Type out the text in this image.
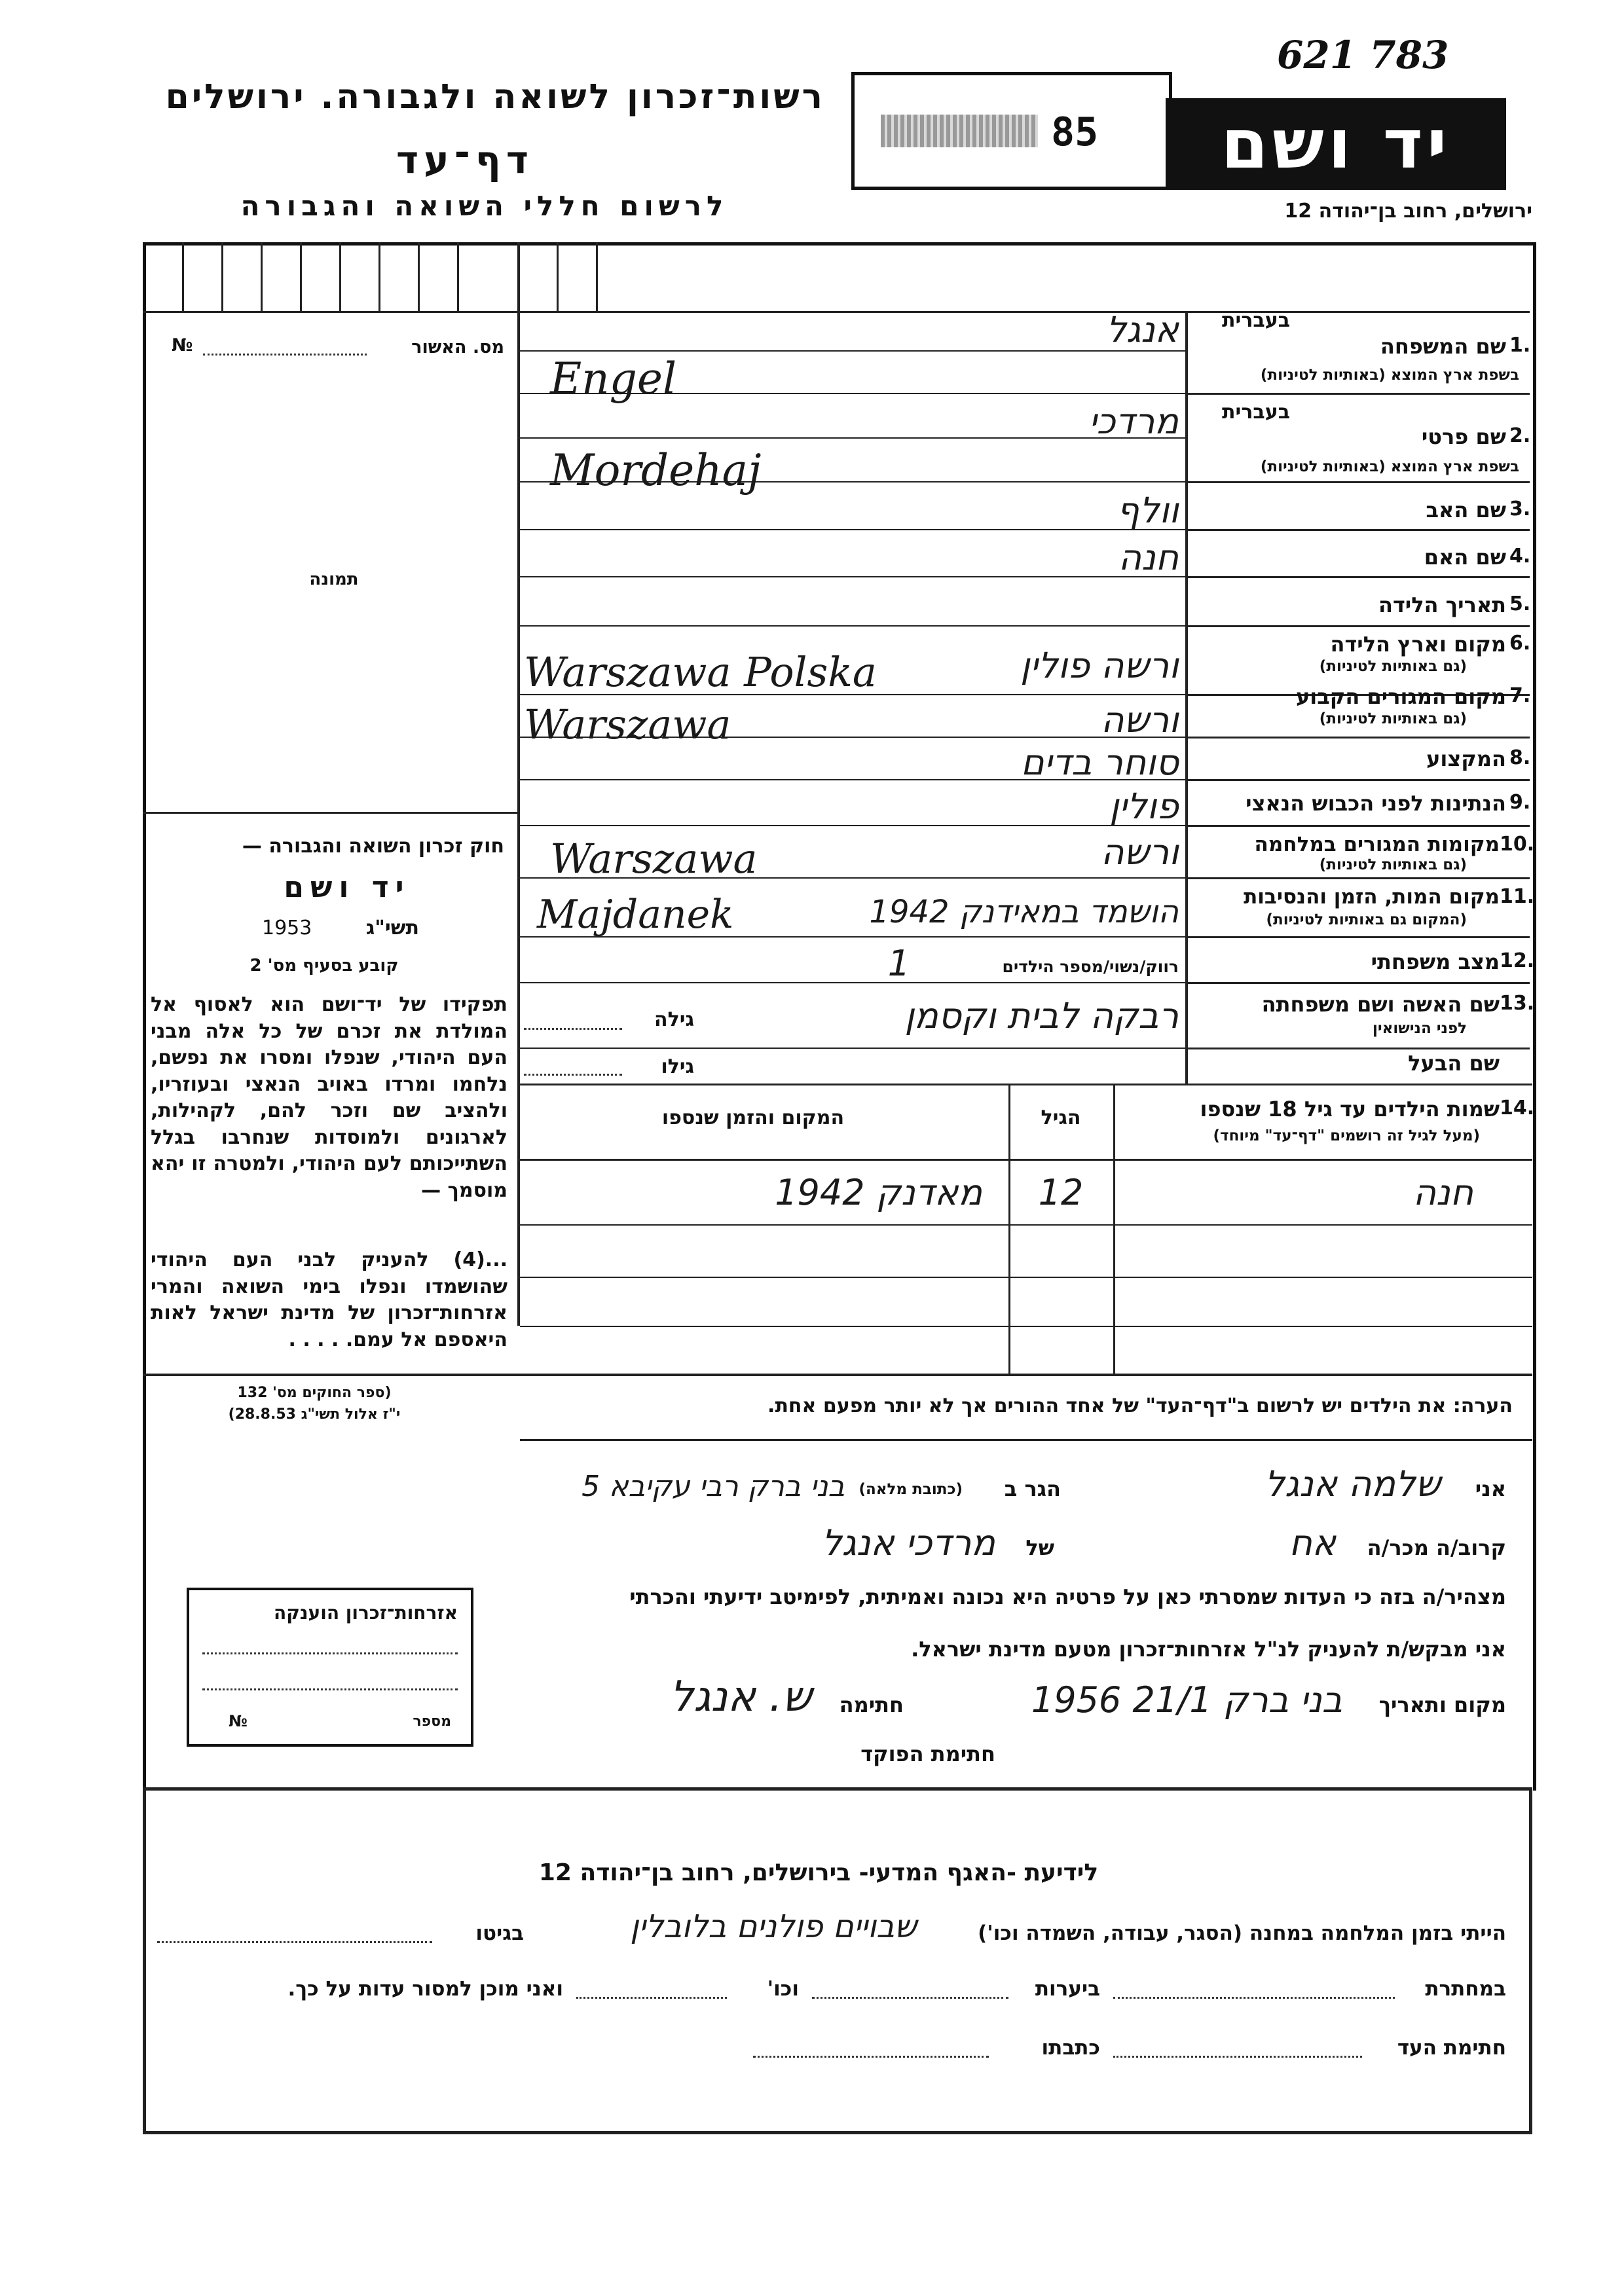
621 783
רשות־זכרון לשואה ולגבורה. ירושלים
דף־עד
לרשום חללי השואה והגבורה
85	יד ושם
ירושלים, רחוב בן־יהודה 12
מס. האשור
№
תמונה
חוק זכרון השואה והגבורה —
יד ושם
תשי"ג
1953
קובע בסעיף מס' 2
תפקידו של יד־ושם הוא לאסוף אל המולדת את זכרם של כל אלה מבני העם היהודי, שנפלו ומסרו את נפשם, נלחמו ומרדו באויב הנאצי ובעוזריו, ולהציב שם וזכר להם, לקהילות, לארגונים ולמוסדות שנחרבו בגלל השתייכותם לעם היהודי, ולמטרה זו יהא מוסמך —
...(4) להעניק לבני העם היהודי שהושמדו ונפלו בימי השואה והמרי אזרחות־זכרון של מדינת ישראל לאות היאספם אל עמם. . . . .
(ספר החוקים מס' 132
י"ז אלול תשי"ג 28.8.53)
אזרחות־זכרון הוענקה
מספר
№
בעברית
שם המשפחה 1.
בשפת ארץ המוצא (באותיות לטיניות)
בעברית
שם פרטי 2.
בשפת ארץ המוצא (באותיות לטיניות)
שם האב 3.
שם האם 4.
תאריך הלידה 5.
מקום וארץ הלידה 6.
(גם באותיות לטיניות)
מקום המגורים הקבוע 7.
(גם באותיות לטיניות)
המקצוע 8.
הנתינות לפני הכבוש הנאצי 9.
מקומות המגורים במלחמה 10.
(גם באותיות לטיניות)
מקום המות, הזמן והנסיבות 11.
(המקום גם באותיות לטיניות)
מצב משפחתי 12.
שם האשה ושם משפחתה 13.
לפני הנישואין
שם הבעל
אנגל
Engel
מרדכי
Mordehaj
וולף
חנה
ורשה פולין
Warszawa Polska
ורשה
Warszawa
סוחר בדים
פולין
ורשה
Warszawa
הושמד במאידנק 1942
Majdanek
רווק/נשוי/מספר הילדים
1
רבקה לבית וקסמן
גילה
גילו
שמות הילדים עד גיל 18 שנספו 14.
(מעל לגיל זה רושמים "דף־עד" מיוחד)
הגיל
המקום והזמן שנספו
חנה
12
מאדנק 1942
הערה: את הילדים יש לרשום ב"דף־העד" של אחד ההורים אך לא יותר מפעם אחת.
אני
שלמה אנגל
הגר ב
(כתובת מלאה)
בני ברק רבי עקיבא 5
קרוב/ה מכר/ה
אח
של
מרדכי אנגל
מצהיר/ה בזה כי העדות שמסרתי כאן על פרטיה היא נכונה ואמיתית, לפימיטב ידיעתי והכרתי
אני מבקש/ת להעניק לנ"ל אזרחות־זכרון מטעם מדינת ישראל.
מקום ותאריך
בני ברק 21/1 1956
חתימה
ש. אנגל
חתימת הפוקד
לידיעת -האגף המדעי- בירושלים, רחוב בן־יהודה 12
הייתי בזמן המלחמה במחנה (הסגר, עבודה, השמדה וכו')
שבויים פולנים בלובלין
בגיטו
במחתרת
ביערות
וכו'
ואני מוכן למסור עדות על כך.
חתימת העד
כתבתו
